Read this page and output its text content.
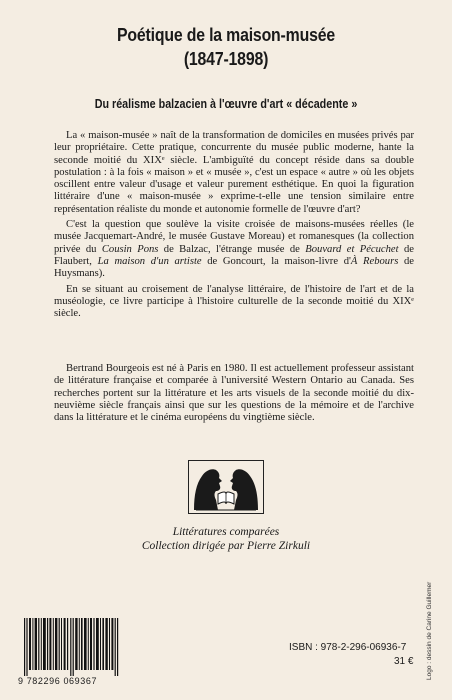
Poétique de la maison-musée
(1847-1898)
Du réalisme balzacien à l'œuvre d'art « décadente »

La « maison-musée » naît de la transformation de domiciles en musées privés par leur propriétaire. Cette pratique, concurrente du musée public moderne, hante la seconde moitié du XIXᵉ siècle. L'ambiguïté du concept réside dans sa double postulation : à la fois « maison » et « musée », c'est un espace « autre » où les objets oscillent entre valeur d'usage et valeur purement esthétique. En quoi la figuration littéraire d'une « maison-musée » exprime-t-elle une tension similaire entre représentation réaliste du monde et autonomie formelle de l'œuvre d'art?

C'est la question que soulève la visite croisée de maisons-musées réelles (le musée Jacquemart-André, le musée Gustave Moreau) et romanesques (la collection privée du Cousin Pons de Balzac, l'étrange musée de Bouvard et Pécuchet de Flaubert, La maison d'un artiste de Goncourt, la maison-livre d'À Rebours de Huysmans).

En se situant au croisement de l'analyse littéraire, de l'histoire de l'art et de la muséologie, ce livre participe à l'histoire culturelle de la seconde moitié du XIXᵉ siècle.

Bertrand Bourgeois est né à Paris en 1980. Il est actuellement professeur assistant de littérature française et comparée à l'université Western Ontario au Canada. Ses recherches portent sur la littérature et les arts visuels de la seconde moitié du dix-neuvième siècle français ainsi que sur les questions de la mémoire et de l'archive dans la littérature et le cinéma européens du vingtième siècle.

Littératures comparées
Collection dirigée par Pierre Zirkuli
Logo : dessin de Carine Guillemer
9 782296 069367
ISBN : 978-2-296-06936-7
31 €
